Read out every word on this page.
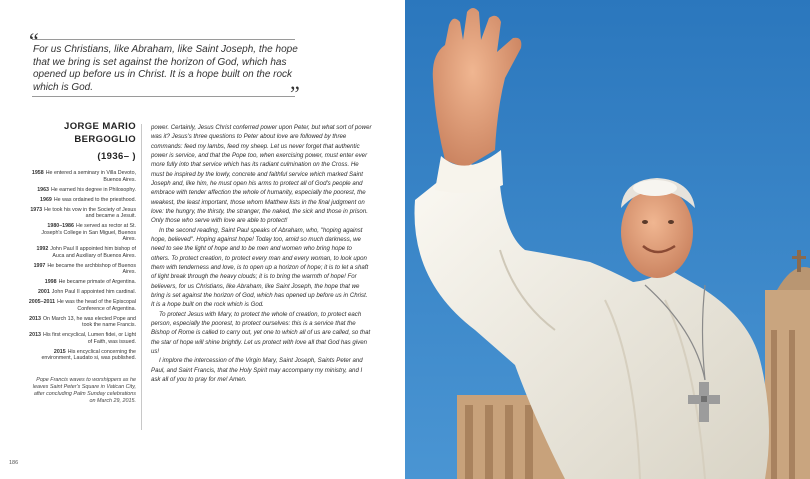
“

For us Christians, like Abraham, like Saint Joseph, the hope that we bring is set against the horizon of God, which has opened up before us in Christ. It is a hope built on the rock which is God.	”
JORGE MARIO
BERGOGLIO
(1936– )
1958 He entered a seminary in Villa Devoto, Buenos Aires.
1963 He earned his degree in Philosophy.
1969 He was ordained to the priesthood.
1973 He took his vow in the Society of Jesus and became a Jesuit.
1980–1986 He served as rector at St. Joseph's College in San Miguel, Buenos Aires.
1992 John Paul II appointed him bishop of Auca and Auxiliary of Buenos Aires.
1997 He became the archbishop of Buenos Aires.
1998 He became primate of Argentina.
2001 John Paul II appointed him cardinal.
2005–2011 He was the head of the Episcopal Conference of Argentina.
2013 On March 13, he was elected Pope and took the name Francis.
2013 His first encyclical, Lumen fidei, or Light of Faith, was issued.
2015 His encyclical concerning the environment, Laudato si, was published.
Pope Francis waves to worshippers as he leaves Saint Peter's Square in Vatican City, after concluding Palm Sunday celebrations on March 29, 2015.

power. Certainly, Jesus Christ conferred power upon Peter, but what sort of power was it? Jesus's three questions to Peter about love are followed by three commands: feed my lambs, feed my sheep. Let us never forget that authentic power is service, and that the Pope too, when exercising power, must enter ever more fully into that service which has its radiant culmination on the Cross. He must be inspired by the lowly, concrete and faithful service which marked Saint Joseph and, like him, he must open his arms to protect all of God's people and embrace with tender affection the whole of humanity, especially the poorest, the weakest, the least important, those whom Matthew lists in the final judgment on love: the hungry, the thirsty, the stranger, the naked, the sick and those in prison. Only those who serve with love are able to protect!

In the second reading, Saint Paul speaks of Abraham, who, "hoping against hope, believed". Hoping against hope! Today too, amid so much darkness, we need to see the light of hope and to be men and women who bring hope to others. To protect creation, to protect every man and every woman, to look upon them with tenderness and love, is to open up a horizon of hope; it is to let a shaft of light break through the heavy clouds; it is to bring the warmth of hope! For believers, for us Christians, like Abraham, like Saint Joseph, the hope that we bring is set against the horizon of God, which has opened up before us in Christ. It is a hope built on the rock which is God.

To protect Jesus with Mary, to protect the whole of creation, to protect each person, especially the poorest, to protect ourselves: this is a service that the Bishop of Rome is called to carry out, yet one to which all of us are called, so that the star of hope will shine brightly. Let us protect with love all that God has given us!

I implore the intercession of the Virgin Mary, Saint Joseph, Saints Peter and Paul, and Saint Francis, that the Holy Spirit may accompany my ministry, and I ask all of you to pray for me! Amen.

186
